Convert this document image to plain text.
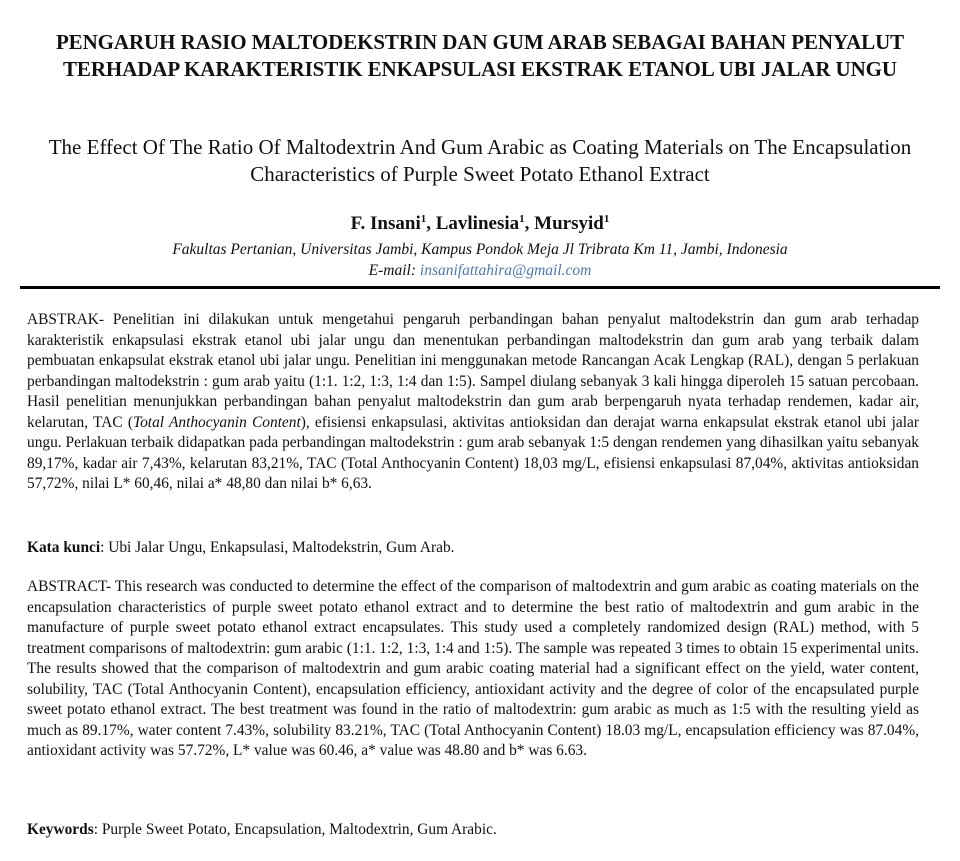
PENGARUH RASIO MALTODEKSTRIN DAN GUM ARAB SEBAGAI BAHAN PENYALUT TERHADAP KARAKTERISTIK ENKAPSULASI EKSTRAK ETANOL UBI JALAR UNGU
The Effect Of The Ratio Of Maltodextrin And Gum Arabic as Coating Materials on The Encapsulation Characteristics of Purple Sweet Potato Ethanol Extract
F. Insani$^1$, Lavlinesia$^1$, Mursyid$^1$
Fakultas Pertanian, Universitas Jambi, Kampus Pondok Meja Jl Tribrata Km 11, Jambi, Indonesia
E-mail: insanifattahira@gmail.com

ABSTRAK- Penelitian ini dilakukan untuk mengetahui pengaruh perbandingan bahan penyalut maltodekstrin dan gum arab terhadap karakteristik enkapsulasi ekstrak etanol ubi jalar ungu dan menentukan perbandingan maltodekstrin dan gum arab yang terbaik dalam pembuatan enkapsulat ekstrak etanol ubi jalar ungu. Penelitian ini menggunakan metode Rancangan Acak Lengkap (RAL), dengan 5 perlakuan perbandingan maltodekstrin : gum arab yaitu (1:1. 1:2, 1:3, 1:4 dan 1:5). Sampel diulang sebanyak 3 kali hingga diperoleh 15 satuan percobaan. Hasil penelitian menunjukkan perbandingan bahan penyalut maltodekstrin dan gum arab berpengaruh nyata terhadap rendemen, kadar air, kelarutan, TAC (Total Anthocyanin Content), efisiensi enkapsulasi, aktivitas antioksidan dan derajat warna enkapsulat ekstrak etanol ubi jalar ungu. Perlakuan terbaik didapatkan pada perbandingan maltodekstrin : gum arab sebanyak 1:5 dengan rendemen yang dihasilkan yaitu sebanyak 89,17%, kadar air 7,43%, kelarutan 83,21%, TAC (Total Anthocyanin Content) 18,03 mg/L, efisiensi enkapsulasi 87,04%, aktivitas antioksidan 57,72%, nilai L* 60,46, nilai a* 48,80 dan nilai b* 6,63.

Kata kunci: Ubi Jalar Ungu, Enkapsulasi, Maltodekstrin, Gum Arab.

ABSTRACT- This research was conducted to determine the effect of the comparison of maltodextrin and gum arabic as coating materials on the encapsulation characteristics of purple sweet potato ethanol extract and to determine the best ratio of maltodextrin and gum arabic in the manufacture of purple sweet potato ethanol extract encapsulates. This study used a completely randomized design (RAL) method, with 5 treatment comparisons of maltodextrin: gum arabic (1:1. 1:2, 1:3, 1:4 and 1:5). The sample was repeated 3 times to obtain 15 experimental units. The results showed that the comparison of maltodextrin and gum arabic coating material had a significant effect on the yield, water content, solubility, TAC (Total Anthocyanin Content), encapsulation efficiency, antioxidant activity and the degree of color of the encapsulated purple sweet potato ethanol extract. The best treatment was found in the ratio of maltodextrin: gum arabic as much as 1:5 with the resulting yield as much as 89.17%, water content 7.43%, solubility 83.21%, TAC (Total Anthocyanin Content) 18.03 mg/L, encapsulation efficiency was 87.04%, antioxidant activity was 57.72%, L* value was 60.46, a* value was 48.80 and b* was 6.63.

Keywords: Purple Sweet Potato, Encapsulation, Maltodextrin, Gum Arabic.
